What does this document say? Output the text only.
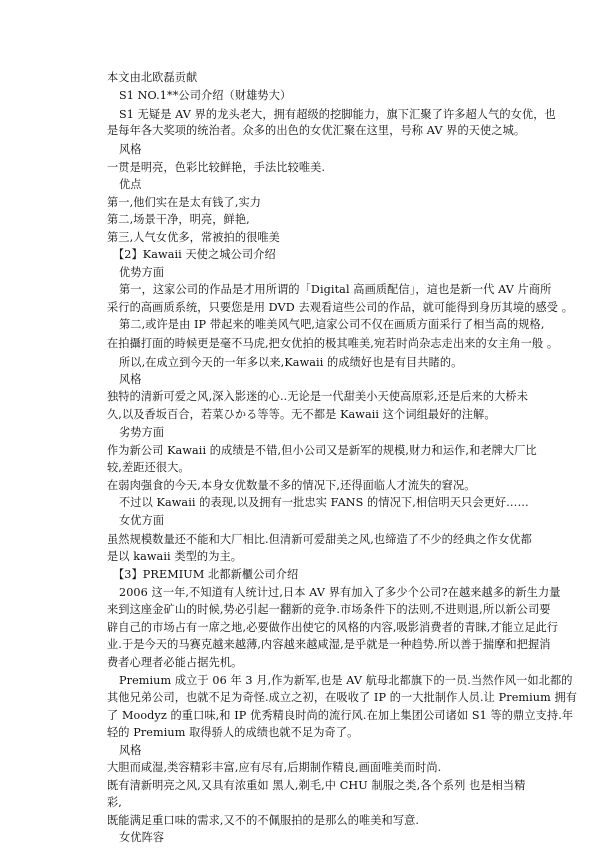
本文由北欧磊贡献

S1 NO.1**公司介绍（财雄势大）

S1 无疑是 AV 界的龙头老大，拥有超级的挖脚能力，旗下汇聚了许多超人气的女优，也

是每年各大奖项的统治者。众多的出色的女优汇聚在这里，号称 AV 界的天使之城。

风格

一贯是明亮，色彩比较鲜艳，手法比较唯美.

优点

第一,他们实在是太有钱了,实力

第二,场景干净，明亮，鲜艳,

第三,人气女优多，常被拍的很唯美

【2】Kawaii 天使之城公司介绍

优势方面

第一，这家公司的作品是才用所谓的「Digital 高画质配信」，這也是新一代 AV 片商所

采行的高画质系统，只要您是用 DVD 去观看這些公司的作品，就可能得到身历其境的感受 。

第二,或许是由 IP 带起来的唯美风气吧,這家公司不仅在画质方面采行了相当高的规格,

在拍攝打面的時候更是毫不马虎,把女优拍的极其唯美,宛若时尚杂志走出来的女主角一般 。

所以,在成立到今天的一年多以来,Kawaii 的成绩好也是有目共睹的。

风格

独特的清新可爱之风,深入影迷的心..无论是一代甜美小天使高原彩,还是后来的大桥未

久,以及香坂百合，若菜ひかる等等。无不都是 Kawaii 这个词组最好的注解。

劣势方面

作为新公司 Kawaii 的成绩是不错,但小公司又是新军的规模,财力和运作,和老牌大厂比

较,差距还很大。

在弱肉强食的今天,本身女优数量不多的情况下,还得面临人才流失的窘况。

不过以 Kawaii 的表现,以及拥有一批忠实 FANS 的情况下,相信明天只会更好……

女优方面

虽然规模数量还不能和大厂相比.但清新可爱甜美之风,也缔造了不少的经典之作女优都

是以 kawaii 类型的为主。

【3】PREMIUM 北都新櫃公司介绍

2006 这一年,不知道有人统计过,日本 AV 界有加入了多少个公司?在越来越多的新生力量

来到这座金矿山的时候,势必引起一翻新的竞争.市场条件下的法则,不进则退,所以新公司要

辟自己的市场占有一席之地,必要做作出使它的风格的内容,吸影消费者的青睐,才能立足此行

业.于是今天的马赛克越来越薄,内容越来越咸湿,是乎就是一种趋势.所以善于揣摩和把握消

费者心理者必能占据先机。

Premium 成立于 06 年 3 月,作为新军,也是 AV 航母北都旗下的一员.当然作风一如北都的

其他兄弟公司，也就不足为奇怪.成立之初，在吸收了 IP 的一大批制作人员.让 Premium 拥有

了 Moodyz 的重口味,和 IP 优秀精良时尚的流行风.在加上集团公司诸如 S1 等的鼎立支持.年

轻的 Premium 取得骄人的成绩也就不足为奇了。

风格

大胆而咸湿,类容精彩丰富,应有尽有,后期制作精良,画面唯美而时尚.

既有清新明亮之风,又具有浓重如 黑人,剃毛,中 CHU 制服之类,各个系列 也是相当精

彩,

既能满足重口味的需求,又不的不佩服拍的是那么的唯美和写意.

女优阵容
